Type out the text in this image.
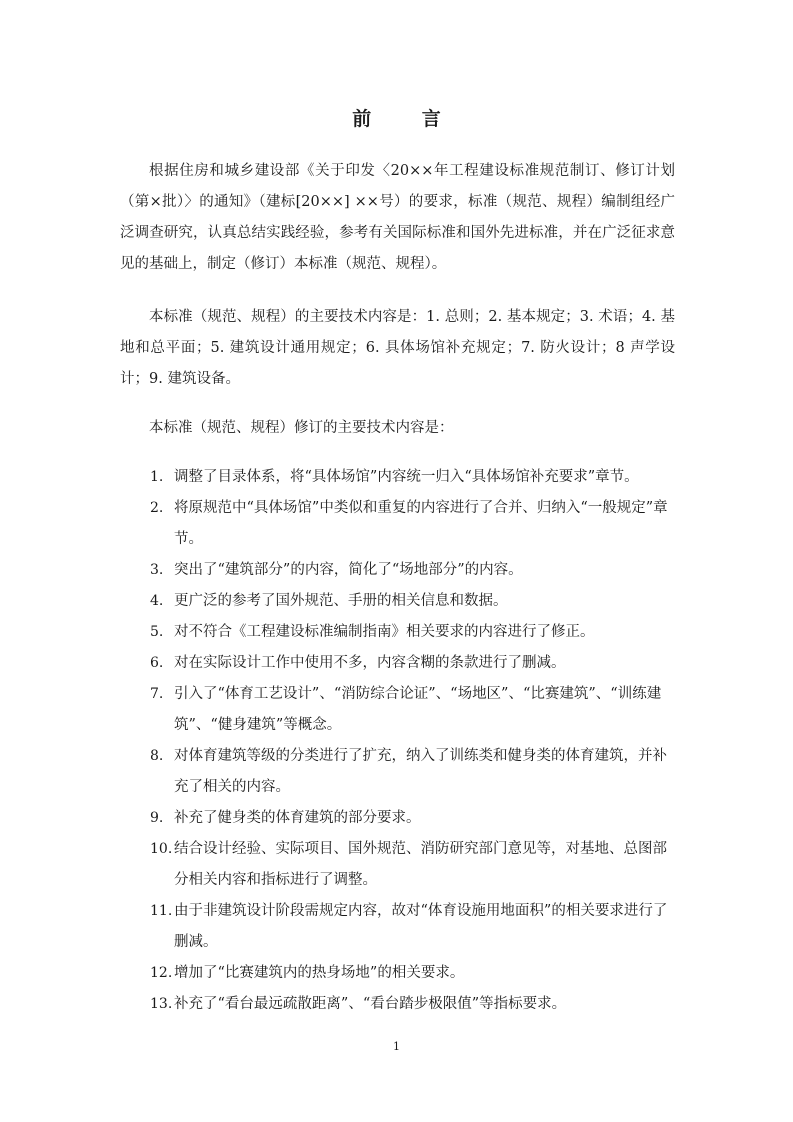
前 言

根据住房和城乡建设部《关于印发〈20××年工程建设标准规范制订、修订计划（第×批）〉的通知》（建标[20××] ××号）的要求，标准（规范、规程）编制组经广泛调查研究，认真总结实践经验，参考有关国际标准和国外先进标准，并在广泛征求意见的基础上，制定（修订）本标准（规范、规程）。

本标准（规范、规程）的主要技术内容是：1. 总则；2. 基本规定；3. 术语；4. 基地和总平面；5. 建筑设计通用规定；6. 具体场馆补充规定；7. 防火设计；8 声学设计；9. 建筑设备。

本标准（规范、规程）修订的主要技术内容是：

1. 调整了目录体系，将“具体场馆”内容统一归入“具体场馆补充要求”章节。
2. 将原规范中“具体场馆”中类似和重复的内容进行了合并、归纳入“一般规定”章节。
3. 突出了“建筑部分”的内容，简化了“场地部分”的内容。
4. 更广泛的参考了国外规范、手册的相关信息和数据。
5. 对不符合《工程建设标准编制指南》相关要求的内容进行了修正。
6. 对在实际设计工作中使用不多，内容含糊的条款进行了删减。
7. 引入了“体育工艺设计”、“消防综合论证”、“场地区”、“比赛建筑”、“训练建筑”、“健身建筑”等概念。
8. 对体育建筑等级的分类进行了扩充，纳入了训练类和健身类的体育建筑，并补充了相关的内容。
9. 补充了健身类的体育建筑的部分要求。
10. 结合设计经验、实际项目、国外规范、消防研究部门意见等，对基地、总图部分相关内容和指标进行了调整。
11. 由于非建筑设计阶段需规定内容，故对“体育设施用地面积”的相关要求进行了删减。
12. 增加了“比赛建筑内的热身场地”的相关要求。
13. 补充了“看台最远疏散距离”、“看台踏步极限值”等指标要求。
1
